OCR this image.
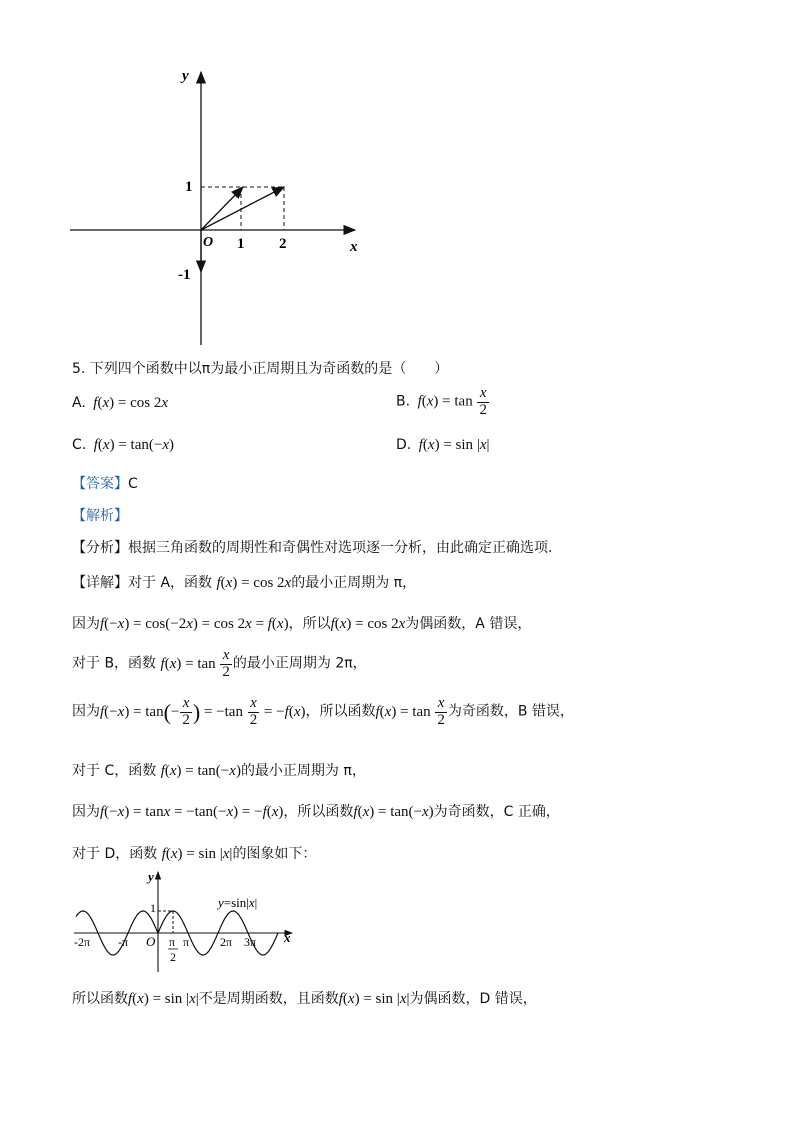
y
x
O
1
-1
1 2
5. 下列四个函数中以π为最小正周期且为奇函数的是（　　）
A. f(x) = cos 2x	B. $f(x) = \tan \frac{x}{2}$
C. f(x) = tan(−x)	D. f(x) = sin |x|
【答案】C
【解析】
【分析】根据三角函数的周期性和奇偶性对选项逐一分析，由此确定正确选项.
【详解】对于 A，函数 f(x) = cos 2x的最小正周期为 π，
因为f(−x) = cos(−2x) = cos 2x = f(x)，所以f(x) = cos 2x为偶函数，A 错误，
对于 B，函数 $f(x) = \tan \frac{x}{2}$ 的最小正周期为 2π，
因为$f(-x) = \tan(- \frac{x}{2}$ ) = $-\tan \frac{x}{2} = -f(x)$，所以函数$f(x) = \tan \frac{x}{2}$ 为奇函数，B 错误，
对于 C，函数 f(x) = tan(−x)的最小正周期为 π，
因为f(−x) = tanx = −tan(−x) = −f(x)，所以函数f(x) = tan(−x)为奇函数，C 正确，
对于 D，函数 f(x) = sin |x|的图象如下：
y
x
O
1	y=sin|x|
-2π -π	π	2π 3π
π
2
所以函数f(x) = sin |x|不是周期函数，且函数f(x) = sin |x|为偶函数，D 错误，
